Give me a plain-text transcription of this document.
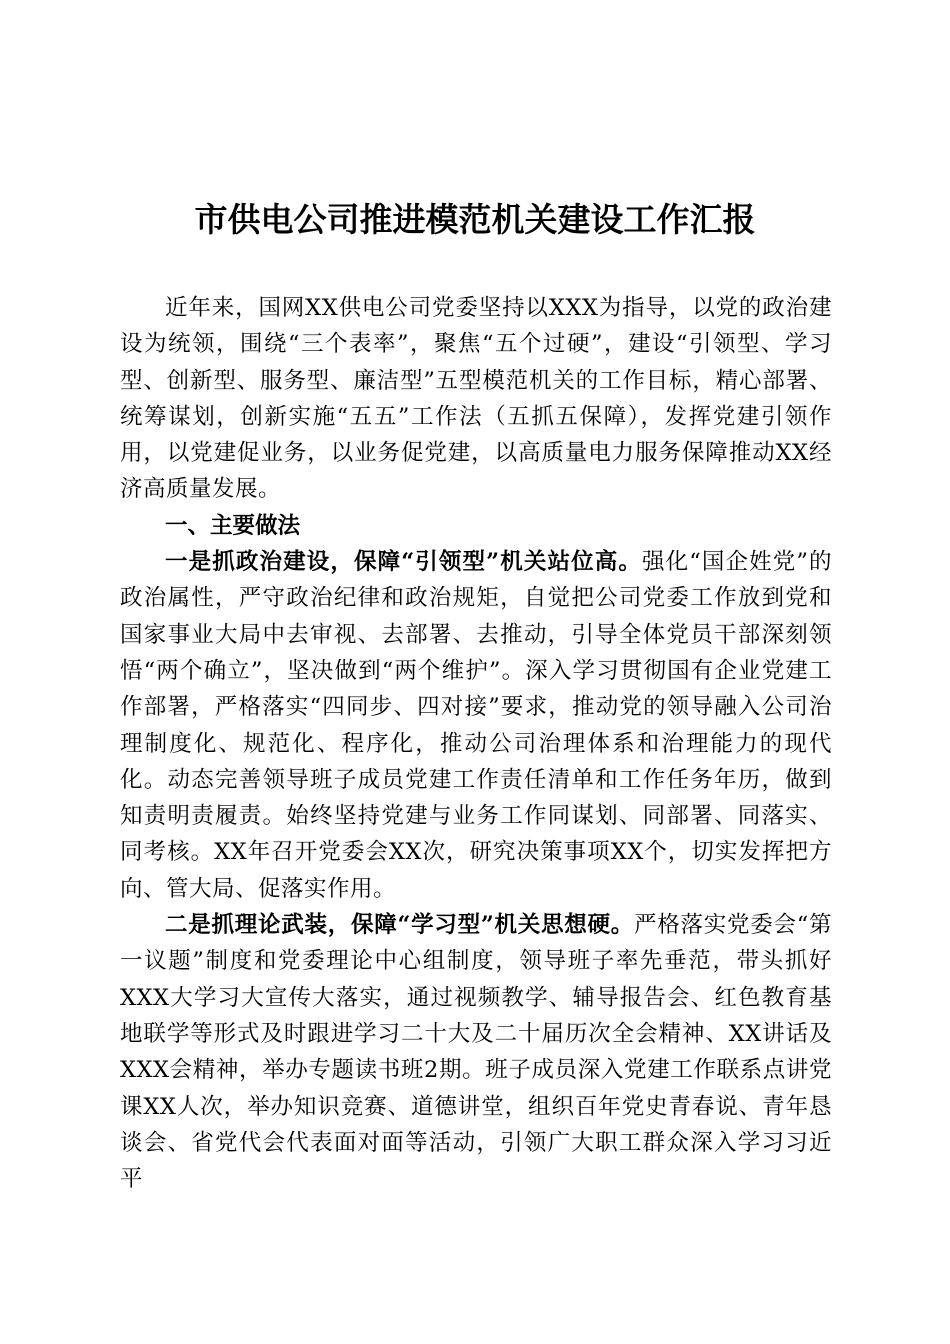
市供电公司推进模范机关建设工作汇报

近年来，国网XX供电公司党委坚持以XXX为指导，以党的政治建设为统领，围绕“三个表率”，聚焦“五个过硬”，建设“引领型、学习型、创新型、服务型、廉洁型”五型模范机关的工作目标，精心部署、统筹谋划，创新实施“五五”工作法（五抓五保障），发挥党建引领作用，以党建促业务，以业务促党建，以高质量电力服务保障推动XX经济高质量发展。

一、主要做法

一是抓政治建设，保障“引领型”机关站位高。强化“国企姓党”的政治属性，严守政治纪律和政治规矩，自觉把公司党委工作放到党和国家事业大局中去审视、去部署、去推动，引导全体党员干部深刻领悟“两个确立”，坚决做到“两个维护”。深入学习贯彻国有企业党建工作部署，严格落实“四同步、四对接”要求，推动党的领导融入公司治理制度化、规范化、程序化，推动公司治理体系和治理能力的现代化。动态完善领导班子成员党建工作责任清单和工作任务年历，做到知责明责履责。始终坚持党建与业务工作同谋划、同部署、同落实、同考核。XX年召开党委会XX次，研究决策事项XX个，切实发挥把方向、管大局、促落实作用。

二是抓理论武装，保障“学习型”机关思想硬。严格落实党委会“第一议题”制度和党委理论中心组制度，领导班子率先垂范，带头抓好XXX大学习大宣传大落实，通过视频教学、辅导报告会、红色教育基地联学等形式及时跟进学习二十大及二十届历次全会精神、XX讲话及XXX会精神，举办专题读书班2期。班子成员深入党建工作联系点讲党课XX人次，举办知识竞赛、道德讲堂，组织百年党史青春说、青年恳谈会、省党代会代表面对面等活动，引领广大职工群众深入学习习近平
